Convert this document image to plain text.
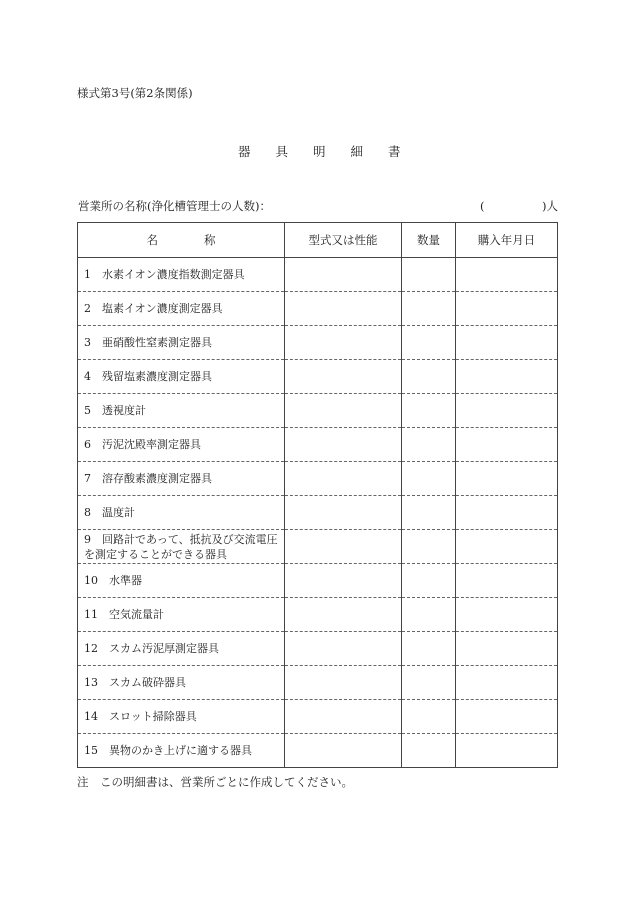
様式第3号(第2条関係)
器　　具　　明　　細　　書
営業所の名称(浄化槽管理士の人数)：	(　　　　　)人
名　　　　称	型式又は性能	数量	購入年月日
1　水素イオン濃度指数測定器具			
2　塩素イオン濃度測定器具			
3　亜硝酸性窒素測定器具			
4　残留塩素濃度測定器具			
5　透視度計			
6　汚泥沈殿率測定器具			
7　溶存酸素濃度測定器具			
8　温度計			
9　回路計であって、抵抗及び交流電圧を測定することができる器具			
10　水準器			
11　空気流量計			
12　スカム汚泥厚測定器具			
13　スカム破砕器具			
14　スロット掃除器具			
15　異物のかき上げに適する器具			
注　この明細書は、営業所ごとに作成してください。
